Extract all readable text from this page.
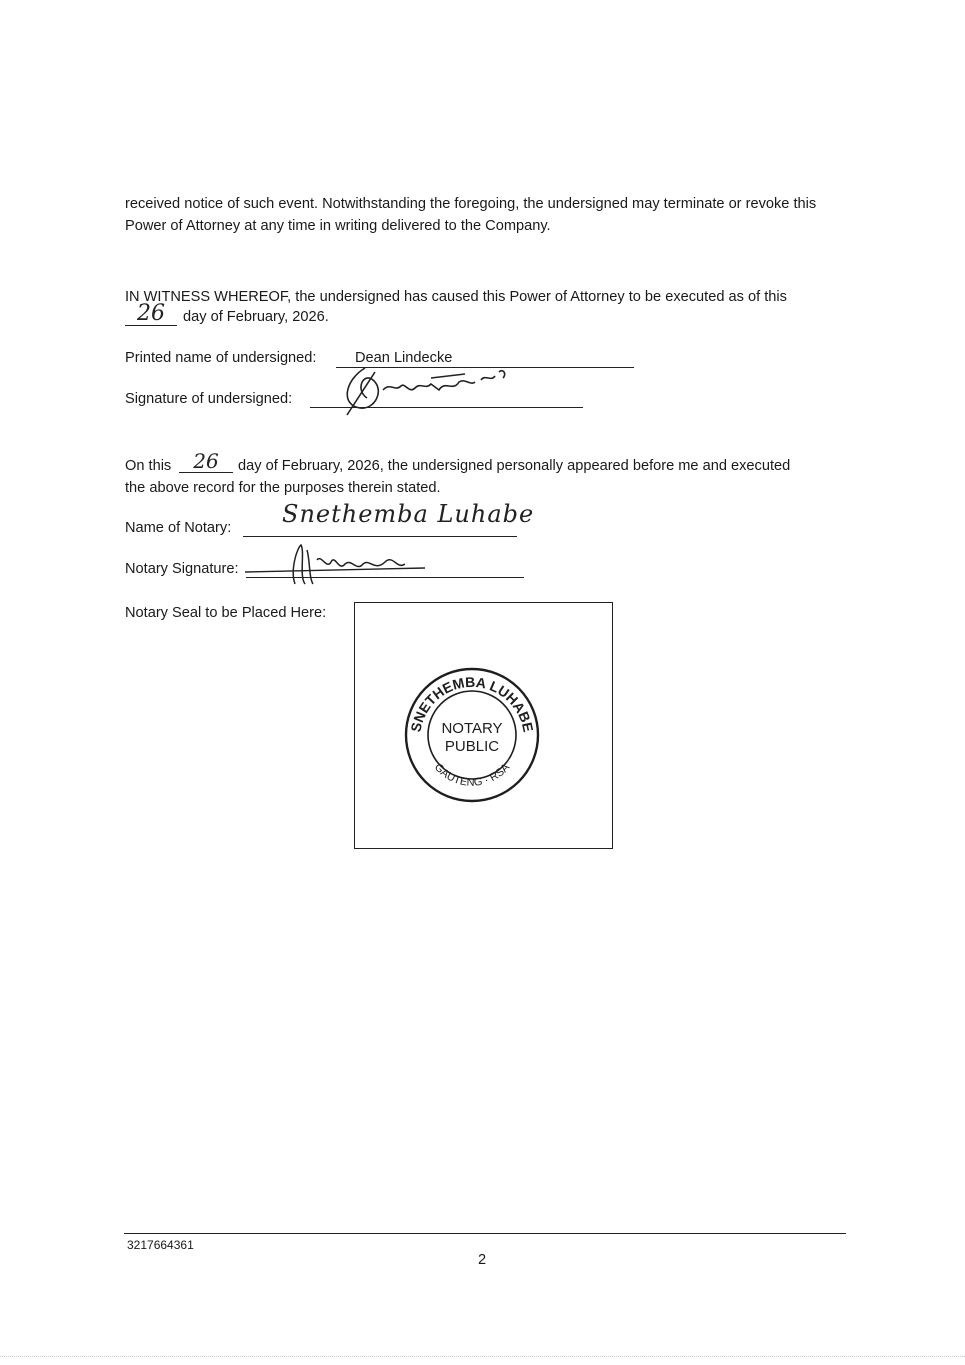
received notice of such event. Notwithstanding the foregoing, the undersigned may terminate or revoke this Power of Attorney at any time in writing delivered to the Company.

IN WITNESS WHEREOF, the undersigned has caused this Power of Attorney to be executed as of this

26	day of February, 2026.
Printed name of undersigned:	Dean Lindecke
Signature of undersigned:
On this	26	day of February, 2026, the undersigned personally appeared before me and executed
the above record for the purposes therein stated.
Name of Notary: Snethemba Luhabe
Notary Signature:
Notary Seal to be Placed Here:
SNETHEMBA LUHABE
GAUTENG · RSA
NOTARY
PUBLIC
3217664361
2
